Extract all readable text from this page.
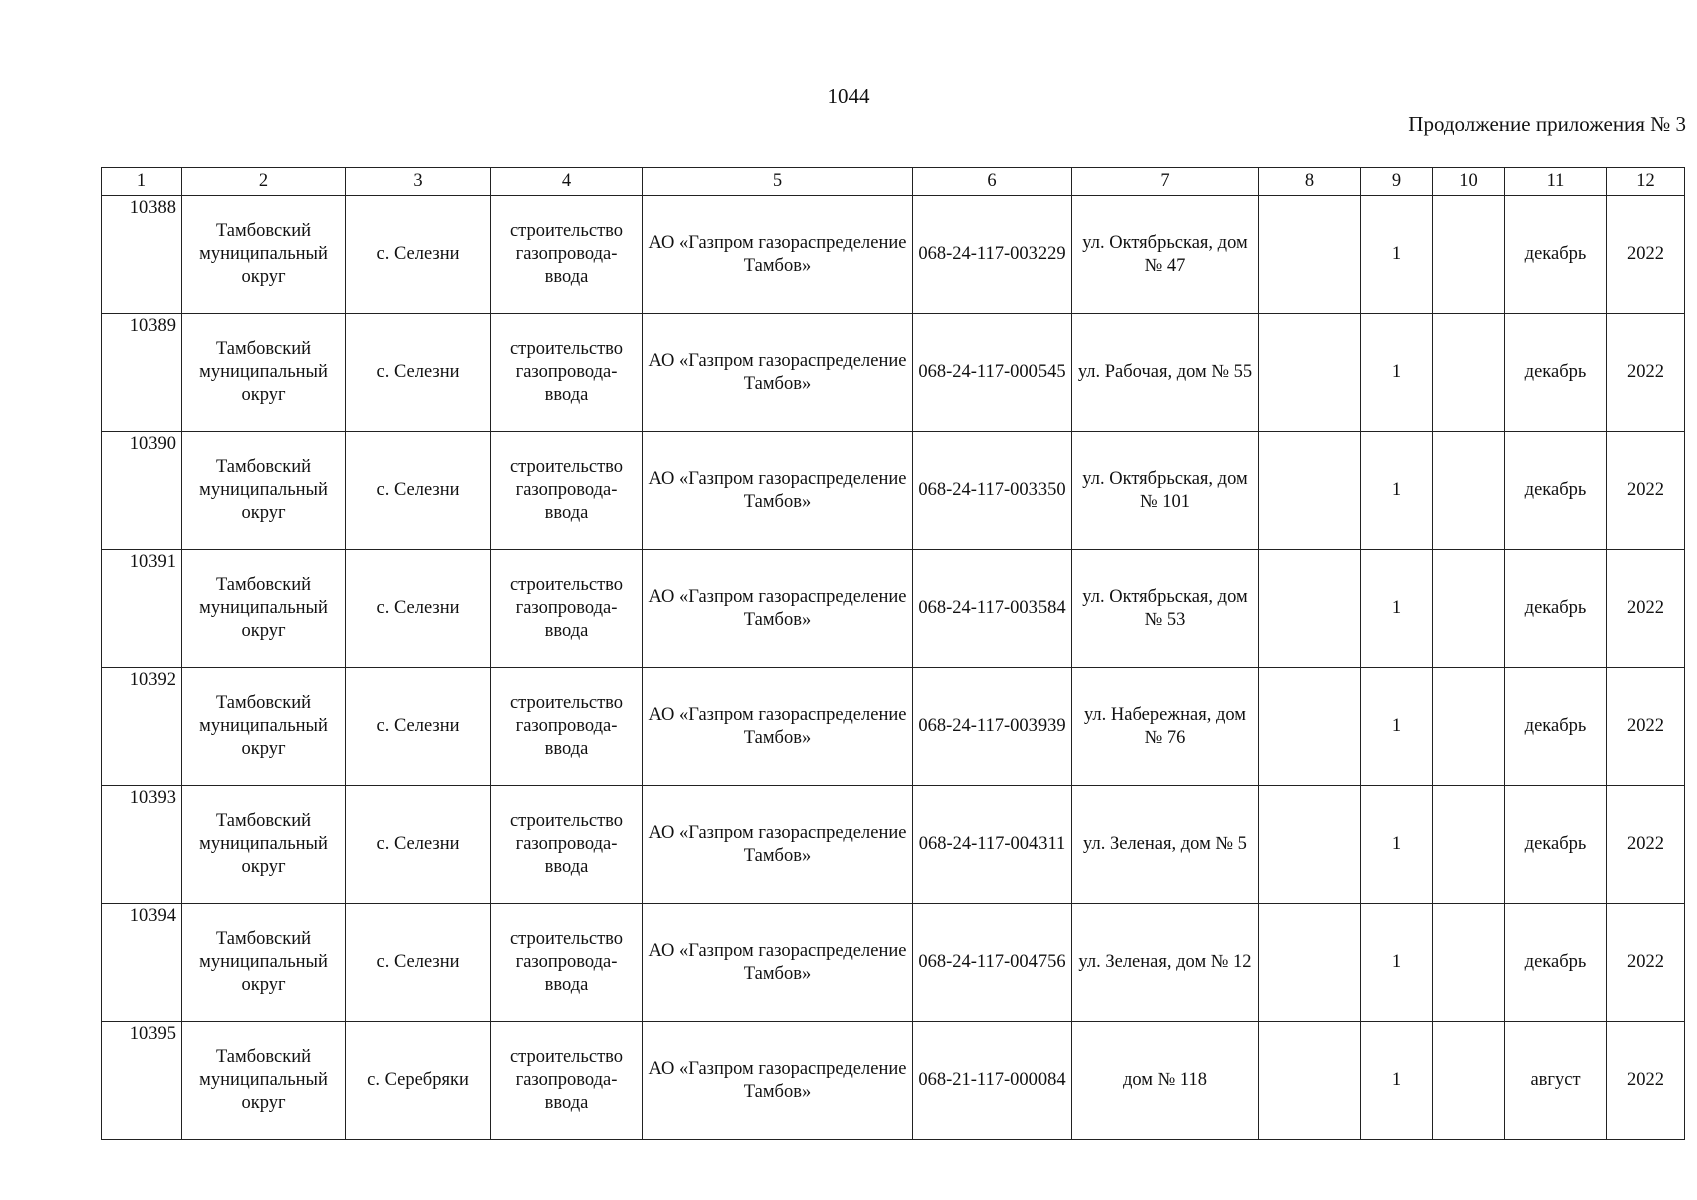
1044
Продолжение приложения № 3
1	2	3	4	5	6	7	8	9	10	11	12
10388	Тамбовский муниципальный округ	с. Селезни	строительство газопровода-ввода	АО «Газпром газораспределение Тамбов»	068-24-117-003229	ул. Октябрьская, дом № 47		1		декабрь	2022
10389	Тамбовский муниципальный округ	с. Селезни	строительство газопровода-ввода	АО «Газпром газораспределение Тамбов»	068-24-117-000545	ул. Рабочая, дом № 55		1		декабрь	2022
10390	Тамбовский муниципальный округ	с. Селезни	строительство газопровода-ввода	АО «Газпром газораспределение Тамбов»	068-24-117-003350	ул. Октябрьская, дом № 101		1		декабрь	2022
10391	Тамбовский муниципальный округ	с. Селезни	строительство газопровода-ввода	АО «Газпром газораспределение Тамбов»	068-24-117-003584	ул. Октябрьская, дом № 53		1		декабрь	2022
10392	Тамбовский муниципальный округ	с. Селезни	строительство газопровода-ввода	АО «Газпром газораспределение Тамбов»	068-24-117-003939	ул. Набережная, дом № 76		1		декабрь	2022
10393	Тамбовский муниципальный округ	с. Селезни	строительство газопровода-ввода	АО «Газпром газораспределение Тамбов»	068-24-117-004311	ул. Зеленая, дом № 5		1		декабрь	2022
10394	Тамбовский муниципальный округ	с. Селезни	строительство газопровода-ввода	АО «Газпром газораспределение Тамбов»	068-24-117-004756	ул. Зеленая, дом № 12		1		декабрь	2022
10395	Тамбовский муниципальный округ	с. Серебряки	строительство газопровода-ввода	АО «Газпром газораспределение Тамбов»	068-21-117-000084	дом № 118		1		август	2022
